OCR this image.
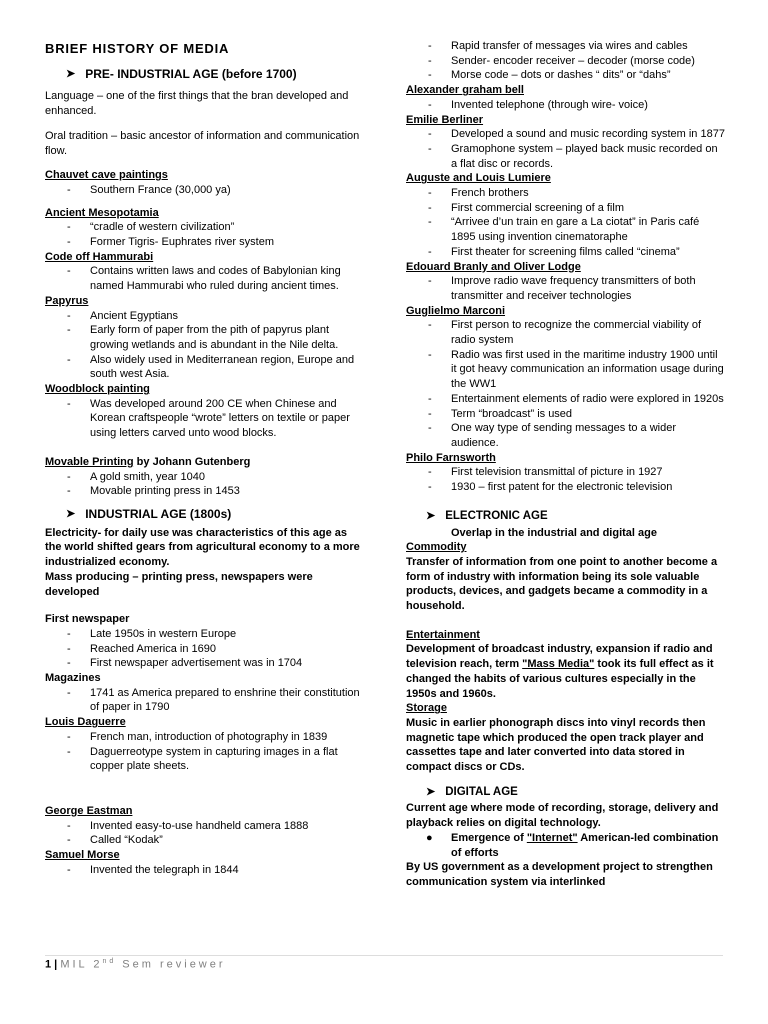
BRIEF HISTORY OF MEDIA
➤ PRE- INDUSTRIAL AGE (before 1700)
Language – one of the first things that the bran developed and enhanced.
Oral tradition – basic ancestor of information and communication flow.
Chauvet cave paintings
-	Southern France (30,000 ya)
Ancient Mesopotamia
-	“cradle of western civilization”
-	Former Tigris- Euphrates river system
Code off Hammurabi
-	Contains written laws and codes of Babylonian king named Hammurabi who ruled during ancient times.
Papyrus
-	Ancient Egyptians
-	Early form of paper from the pith of papyrus plant growing wetlands and is abundant in the Nile delta.
-	Also widely used in Mediterranean region, Europe and south west Asia.
Woodblock painting
-	Was developed around 200 CE when Chinese and Korean craftspeople “wrote” letters on textile or paper using letters carved unto wood blocks.
Movable Printing by Johann Gutenberg
-	A gold smith, year 1040
-	Movable printing press in 1453
➤ INDUSTRIAL AGE (1800s)
Electricity- for daily use was characteristics of this age as the world shifted gears from agricultural economy to a more industrialized economy.
Mass producing – printing press, newspapers were developed
First newspaper
-	Late 1950s in western Europe
-	Reached America in 1690
-	First newspaper advertisement was in 1704
Magazines
-	1741 as America prepared to enshrine their constitution of paper in 1790
Louis Daguerre
-	French man, introduction of photography in 1839
-	Daguerreotype system in capturing images in a flat copper plate sheets.
George Eastman
-	Invented easy-to-use handheld camera 1888
-	Called “Kodak”
Samuel Morse
-	Invented the telegraph in 1844
-	Rapid transfer of messages via wires and cables
-	Sender- encoder receiver – decoder (morse code)
-	Morse code – dots or dashes “ dits” or “dahs”
Alexander graham bell
-	Invented telephone (through wire- voice)
Emilie Berliner
-	Developed a sound and music recording system in 1877
-	Gramophone system – played back music recorded on a flat disc or records.
Auguste and Louis Lumiere
-	French brothers
-	First commercial screening of a film
-	“Arrivee d’un train en gare a La ciotat” in Paris café 1895 using invention cinematoraphe
-	First theater for screening films called “cinema”
Edouard Branly and Oliver Lodge
-	Improve radio wave frequency transmitters of both transmitter and receiver technologies
Guglielmo Marconi
-	First person to recognize the commercial viability of radio system
-	Radio was first used in the maritime industry 1900 until it got heavy communication an information usage during the WW1
-	Entertainment elements of radio were explored in 1920s
-	Term “broadcast” is used
-	One way type of sending messages to a wider audience.
Philo Farnsworth
-	First television transmittal of picture in 1927
-	1930 – first patent for the electronic television
➤ ELECTRONIC AGE
Overlap in the industrial and digital age
Commodity
Transfer of information from one point to another become a form of industry with information being its sole valuable products, devices, and gadgets became a commodity in a household.
Entertainment
Development of broadcast industry, expansion if radio and television reach, term "Mass Media" took its full effect as it changed the habits of various cultures especially in the 1950s and 1960s.
Storage
Music in earlier phonograph discs into vinyl records then magnetic tape which produced the open track player and cassettes tape and later converted into data stored in compact discs or CDs.
➤ DIGITAL AGE
Current age where mode of recording, storage, delivery and playback relies on digital technology.
●	Emergence of "Internet" American-led combination of efforts
By US government as a development project to strengthen communication system via interlinked
1 | MIL 2nd Sem reviewer
